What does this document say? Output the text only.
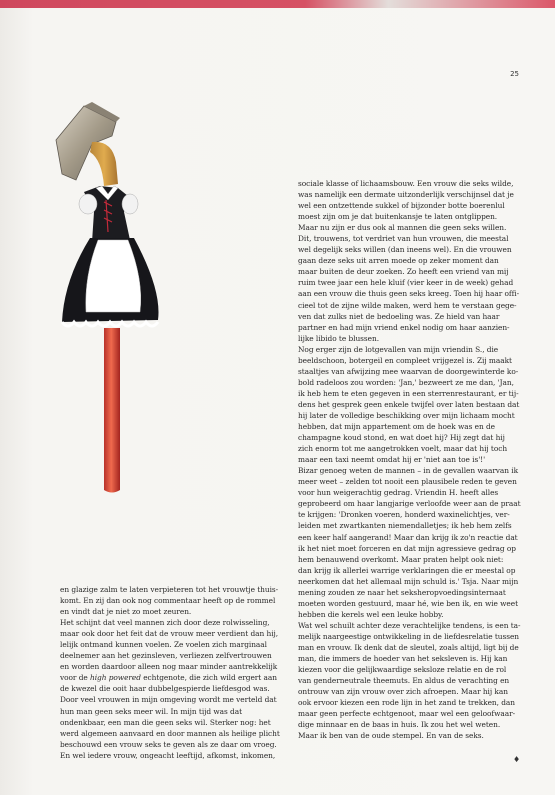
25

sociale klasse of lichaamsbouw. Een vrouw die seks wilde,

was namelijk een dermate uitzonderlijk verschijnsel dat je

wel een ontzettende sukkel of bijzonder botte boerenlul

moest zijn om je dat buitenkansje te laten ontglippen.

Maar nu zijn er dus ook al mannen die geen seks willen.

Dit, trouwens, tot verdriet van hun vrouwen, die meestal

wel degelijk seks willen (dan ineens wel). En die vrouwen

gaan deze seks uit arren moede op zeker moment dan

maar buiten de deur zoeken. Zo heeft een vriend van mij

ruim twee jaar een hele kluif (vier keer in de week) gehad

aan een vrouw die thuis geen seks kreeg. Toen hij haar offi-

cieel tot de zijne wilde maken, werd hem te verstaan gege-

ven dat zulks niet de bedoeling was. Ze hield van haar

partner en had mijn vriend enkel nodig om haar aanzien-

lijke libido te blussen.

Nog erger zijn de lotgevallen van mijn vriendin S., die

beeldschoon, botergeil en compleet vrijgezel is. Zij maakt

staaltjes van afwijzing mee waarvan de doorgewinterde ko-

bold radeloos zou worden: 'Jan,' bezweert ze me dan, 'Jan,

ik heb hem te eten gegeven in een sterrenrestaurant, er tij-

dens het gesprek geen enkele twijfel over laten bestaan dat

hij later de volledige beschikking over mijn lichaam mocht

hebben, dat mijn appartement om de hoek was en de

champagne koud stond, en wat doet hij? Hij zegt dat hij

zich enorm tot me aangetrokken voelt, maar dat hij toch

maar een taxi neemt omdat hij er 'niet aan toe is'!'

Bizar genoeg weten de mannen – in de gevallen waarvan ik

meer weet – zelden tot nooit een plausibele reden te geven

voor hun weigerachtig gedrag. Vriendin H. heeft alles

geprobeerd om haar langjarige verloofde weer aan de praat

te krijgen: 'Dronken voeren, honderd waxinelichtjes, ver-

leiden met zwartkanten niemendalletjes; ik heb hem zelfs

een keer half aangerand! Maar dan krijg ik zo'n reactie dat

ik het niet moet forceren en dat mijn agressieve gedrag op

hem benauwend overkomt. Maar praten helpt ook niet:

dan krijg ik allerlei warrige verklaringen die er meestal op

neerkomen dat het allemaal mijn schuld is.' Tsja. Naar mijn

mening zouden ze naar het seksheropvoedingsinternaat

moeten worden gestuurd, maar hé, wie ben ik, en wie weet

hebben die kerels wel een leuke hobby.

Wat wel schuilt achter deze verachtelijke tendens, is een ta-

melijk naargeestige ontwikkeling in de liefdesrelatie tussen

man en vrouw. Ik denk dat de sleutel, zoals altijd, ligt bij de

man, die immers de hoeder van het seksleven is. Hij kan

kiezen voor die gelijkwaardige sekslоze relatie en de rol

van genderneutrale theemuts. En aldus de verachting en

ontrouw van zijn vrouw over zich afroepen. Maar hij kan

ook ervoor kiezen een rode lijn in het zand te trekken, dan

maar geen perfecte echtgenoot, maar wel een geloofwaar-

dige minnaar en de baas in huis. Ik zou het wel weten.

Maar ik ben van de oude stempel. En van de seks.

en glazige zalm te laten verpieteren tot het vrouwtje thuis-

komt. En zij dan ook nog commentaar heeft op de rommel

en vindt dat je niet zo moet zeuren.

Het schijnt dat veel mannen zich door deze rolwisseling,

maar ook door het feit dat de vrouw meer verdient dan hij,

lelijk ontmand kunnen voelen. Ze voelen zich marginaal

deelnemer aan het gezinsleven, verliezen zelfvertrouwen

en worden daardoor alleen nog maar minder aantrekkelijk

voor de high powered echtgenote, die zich wild ergert aan

de kwezel die ooit haar dubbelgespierde liefdesgod was.

Door veel vrouwen in mijn omgeving wordt me verteld dat

hun man geen seks meer wil. In mijn tijd was dat

ondenkbaar, een man die geen seks wil. Sterker nog: het

werd algemeen aanvaard en door mannen als heilige plicht

beschouwd een vrouw seks te geven als ze daar om vroeg.

En wel iedere vrouw, ongeacht leeftijd, afkomst, inkomen,	♦
